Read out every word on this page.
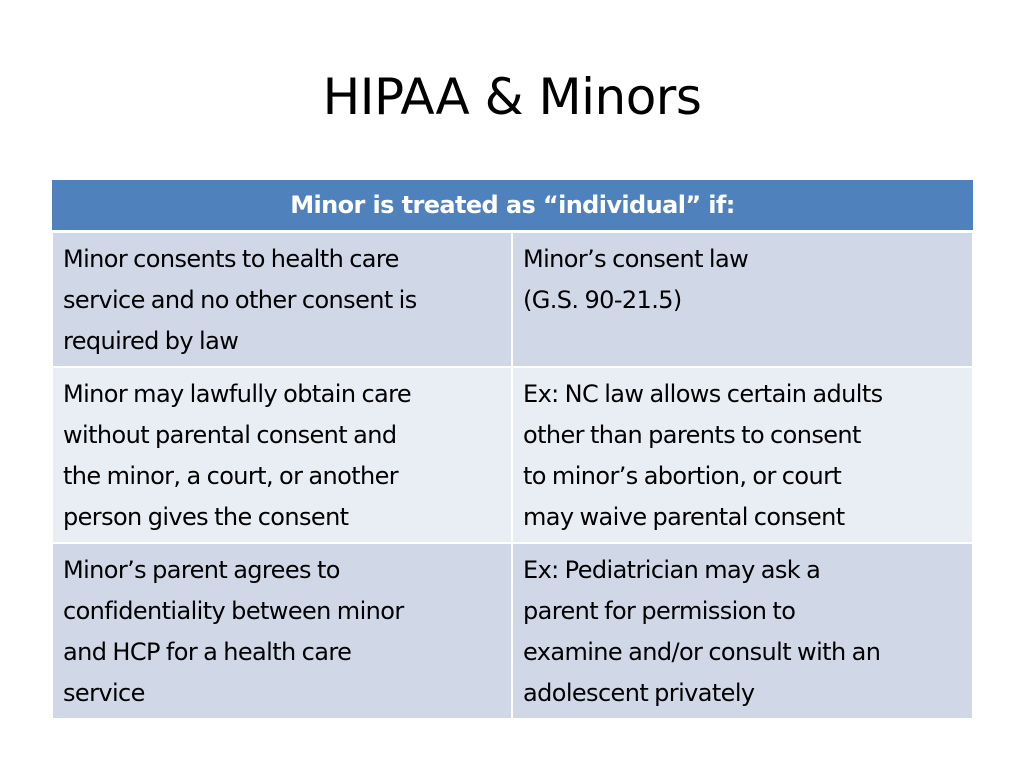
HIPAA & Minors
Minor is treated as “individual” if:	

Minor consents to health care
service and no other consent is
required by law	Minor’s consent law
(G.S. 90-21.5)

Minor may lawfully obtain care
without parental consent and
the minor, a court, or another
person gives the consent	Ex: NC law allows certain adults
other than parents to consent
to minor’s abortion, or court
may waive parental consent

Minor’s parent agrees to
confidentiality between minor
and HCP for a health care
service	Ex: Pediatrician may ask a
parent for permission to
examine and/or consult with an
adolescent privately
